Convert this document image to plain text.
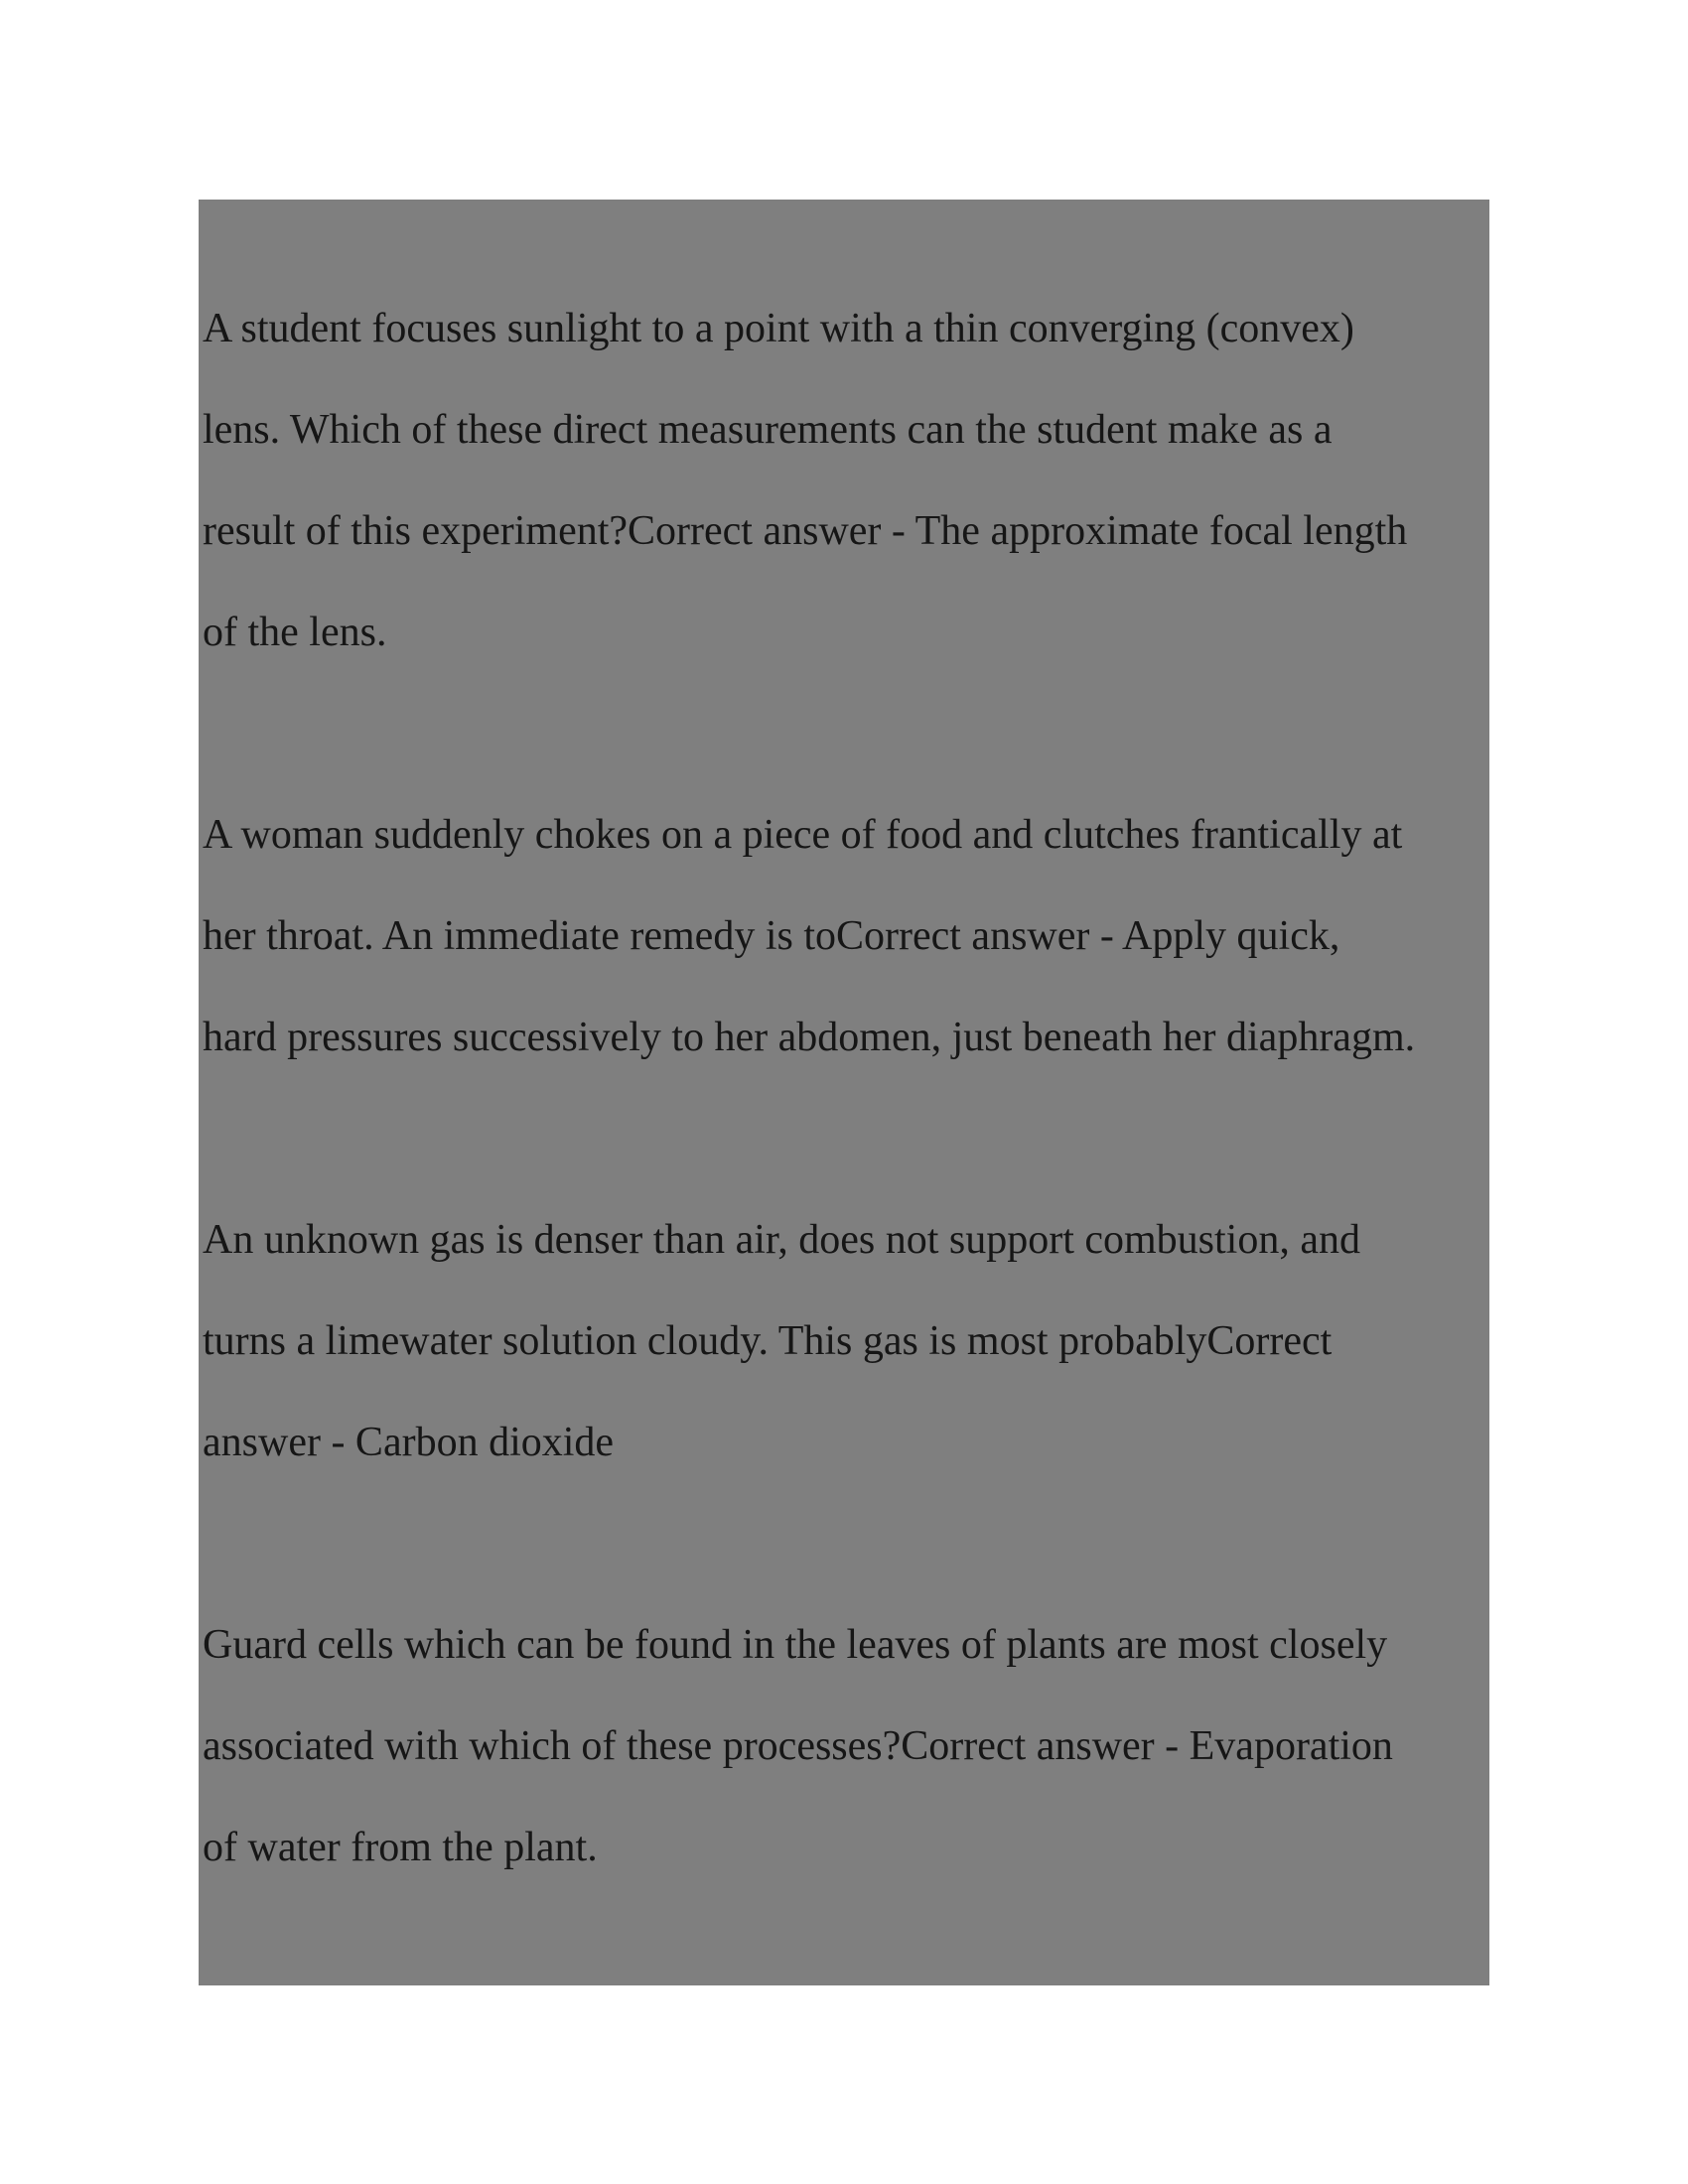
A student focuses sunlight to a point with a thin converging (convex)
lens. Which of these direct measurements can the student make as a
result of this experiment?Correct answer - The approximate focal length
of the lens.
A woman suddenly chokes on a piece of food and clutches frantically at
her throat. An immediate remedy is toCorrect answer - Apply quick,
hard pressures successively to her abdomen, just beneath her diaphragm.
An unknown gas is denser than air, does not support combustion, and
turns a limewater solution cloudy. This gas is most probablyCorrect
answer - Carbon dioxide
Guard cells which can be found in the leaves of plants are most closely
associated with which of these processes?Correct answer - Evaporation
of water from the plant.
